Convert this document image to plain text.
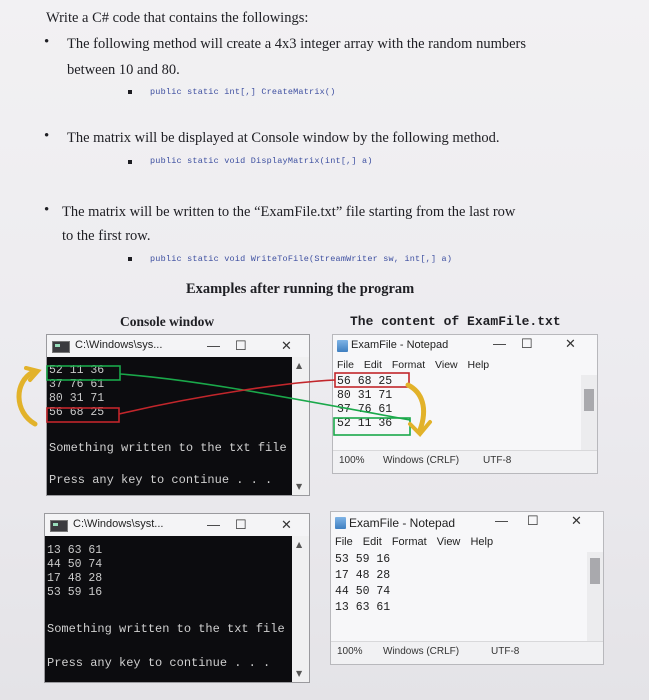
Write a C# code that contains the followings:
• The following method will create a 4x3 integer array with the random numbers
between 10 and 80.
public static int[,] CreateMatrix()
• The matrix will be displayed at Console window by the following method.
public static void DisplayMatrix(int[,] a)
• The matrix will be written to the “ExamFile.txt” file starting from the last row
to the first row.
public static void WriteToFile(StreamWriter sw, int[,] a)
Examples after running the program
Console window	The content of ExamFile.txt
C:\Windows\sys...	— ☐	✕
52 11 36
37 76 61
80 31 71
56 68 25
Something written to the txt file
Press any key to continue . . .
▲
▼
ExamFile - Notepad	— ☐ ✕
File Edit Format View Help
56 68 25
80 31 71
37 76 61
52 11 36
100% Windows (CRLF) UTF-8
C:\Windows\syst...	— ☐	✕
13 63 61
44 50 74
17 48 28
53 59 16
Something written to the txt file
Press any key to continue . . .
▲
▼
ExamFile - Notepad	— ☐ ✕
File Edit Format View Help
53 59 16
17 48 28
44 50 74
13 63 61
100% Windows (CRLF)	UTF-8
